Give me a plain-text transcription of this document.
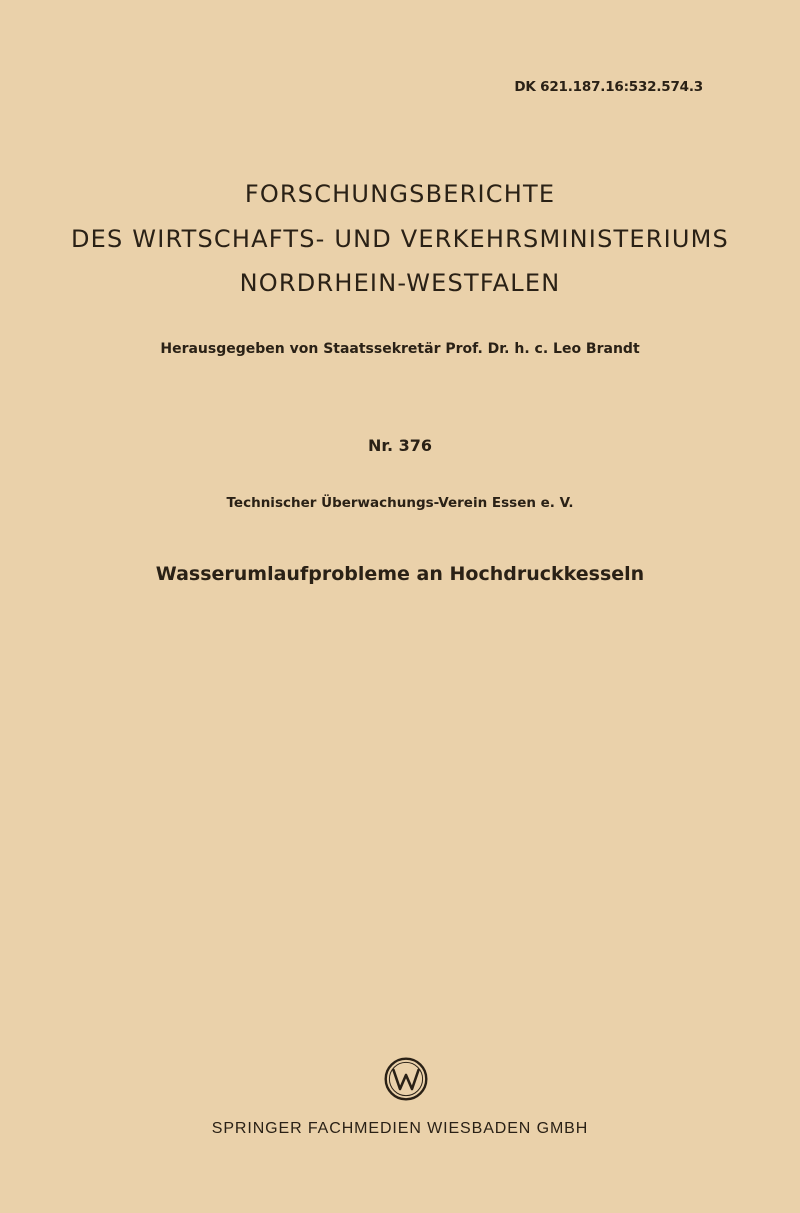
DK 621.187.16:532.574.3
FORSCHUNGSBERICHTE
DES WIRTSCHAFTS- UND VERKEHRSMINISTERIUMS
NORDRHEIN-WESTFALEN
Herausgegeben von Staatssekretär Prof. Dr. h. c. Leo Brandt
Nr. 376
Technischer Überwachungs-Verein Essen e. V.
Wasserumlaufprobleme an Hochdruckkesseln
SPRINGER FACHMEDIEN WIESBADEN GMBH
